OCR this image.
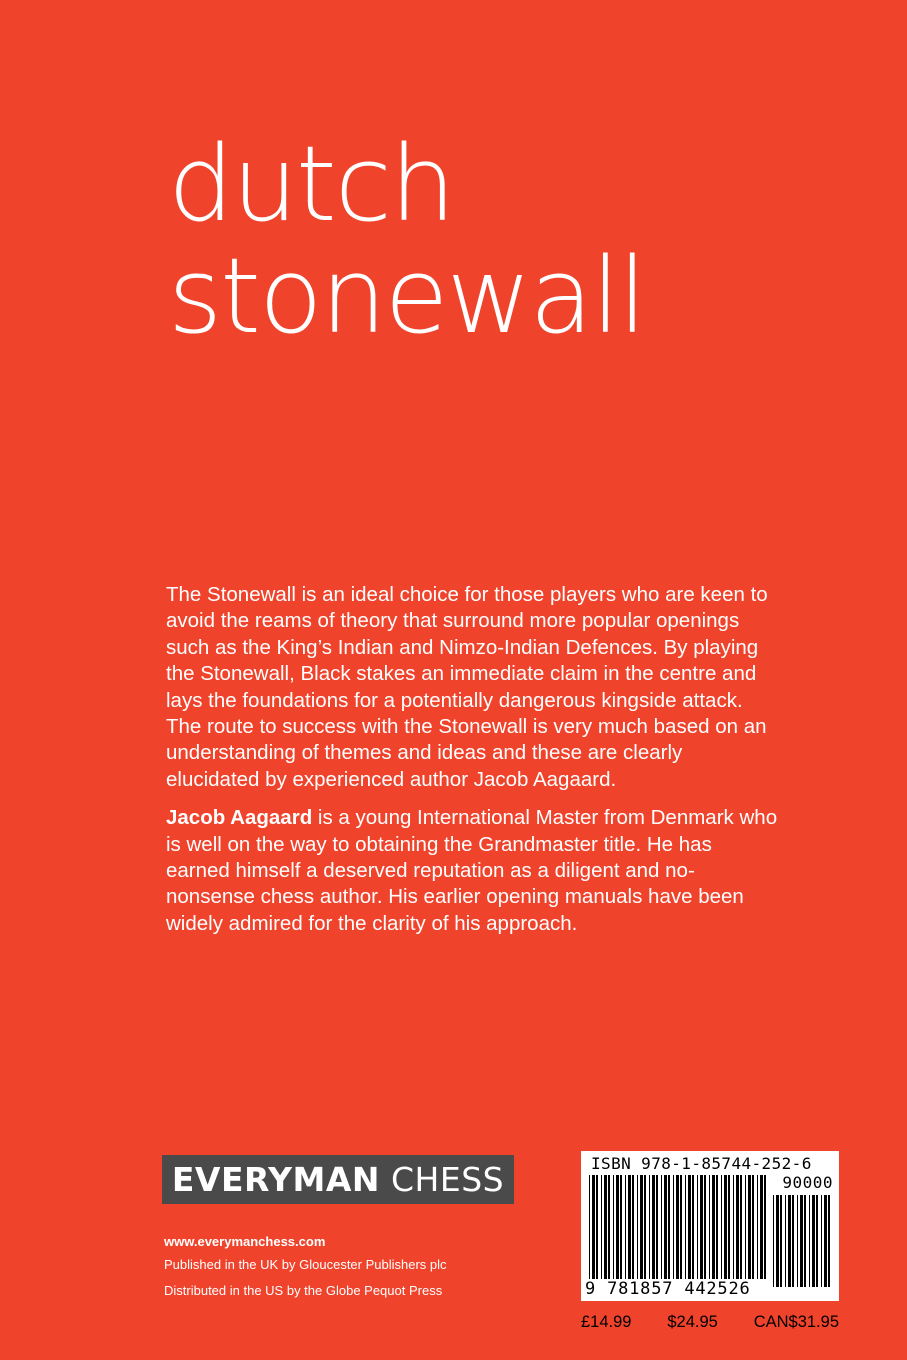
dutch
stonewall

The Stonewall is an ideal choice for those players who are keen to avoid the reams of theory that surround more popular openings such as the King’s Indian and Nimzo-Indian Defences. By playing the Stonewall, Black stakes an immediate claim in the centre and lays the foundations for a potentially dangerous kingside attack. The route to success with the Stonewall is very much based on an understanding of themes and ideas and these are clearly elucidated by experienced author Jacob Aagaard.

Jacob Aagaard is a young International Master from Denmark who is well on the way to obtaining the Grandmaster title. He has earned himself a deserved reputation as a diligent and no-nonsense chess author. His earlier opening manuals have been widely admired for the clarity of his approach.

EVERYMAN CHESS
www.everymanchess.com
Published in the UK by Gloucester Publishers plc
Distributed in the US by the Globe Pequot Press
ISBN 978-1-85744-252-6
90000
9 781857 442526
£14.99 $24.95 CAN$31.95
